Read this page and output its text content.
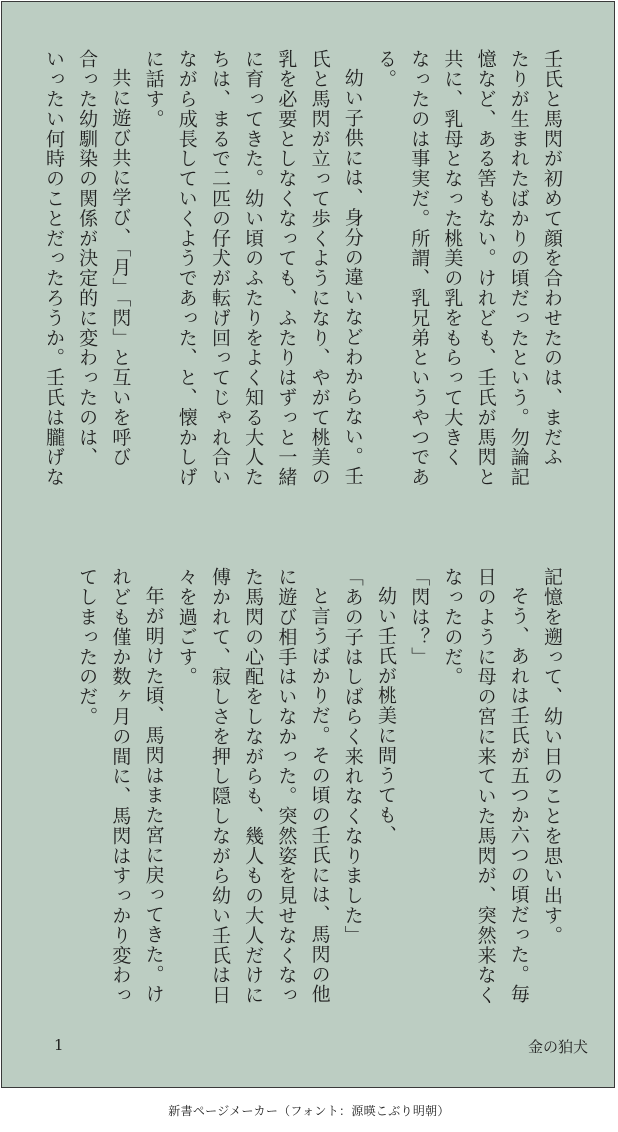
壬氏と馬閃が初めて顔を合わせたのは、まだふ

たりが生まれたばかりの頃だったという。勿論記

憶など、ある筈もない。けれども、壬氏が馬閃と

共に、乳母となった桃美の乳をもらって大きく

なったのは事実だ。所謂、乳兄弟というやつであ

る。

幼い子供には、身分の違いなどわからない。壬

氏と馬閃が立って歩くようになり、やがて桃美の

乳を必要としなくなっても、ふたりはずっと一緒

に育ってきた。幼い頃のふたりをよく知る大人た

ちは、まるで二匹の仔犬が転げ回ってじゃれ合い

ながら成長していくようであった、と、懐かしげ

に話す。

共に遊び共に学び、「月」「閃」と互いを呼び

合った幼馴染の関係が決定的に変わったのは、

いったい何時のことだったろうか。壬氏は朧げな

記憶を遡って、幼い日のことを思い出す。

そう、あれは壬氏が五つか六つの頃だった。毎

日のように母の宮に来ていた馬閃が、突然来なく

なったのだ。

「閃は？」

幼い壬氏が桃美に問うても、

「あの子はしばらく来れなくなりました」

と言うばかりだ。その頃の壬氏には、馬閃の他

に遊び相手はいなかった。突然姿を見せなくなっ

た馬閃の心配をしながらも、幾人もの大人だけに

傅かれて、寂しさを押し隠しながら幼い壬氏は日

々を過ごす。

年が明けた頃、馬閃はまた宮に戻ってきた。け

れども僅か数ヶ月の間に、馬閃はすっかり変わっ

てしまったのだ。

1	金の狛犬
新書ページメーカー（フォント：源暎こぶり明朝）
